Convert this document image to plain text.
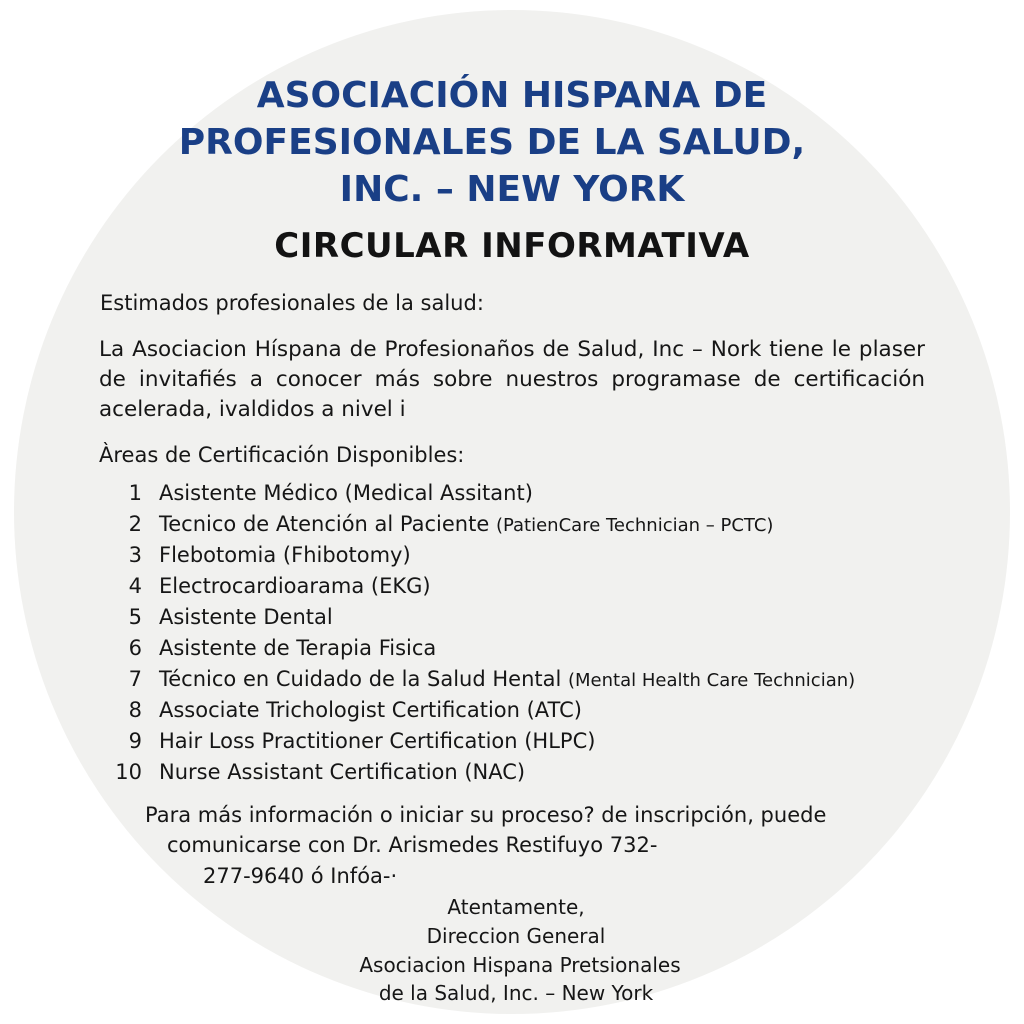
ASOCIACIÓN HISPANA DE
PROFESIONALES DE LA SALUD,
INC. – NEW YORK
CIRCULAR INFORMATIVA

Estimados profesionales de la salud:

La Asociacion Híspana de Profesionaños de Salud, Inc – Nork tiene le plaser de invitafiés a conocer más sobre nuestros programase de certificación acelerada, ivaldidos a nivel i

Àreas de Certificación Disponibles:

1 Asistente Médico (Medical Assitant)
2 Tecnico de Atención al Paciente (PatienCare Technician – PCTC)
3 Flebotomia (Fhibotomy)
4 Electrocardioarama (EKG)
5 Asistente Dental
6 Asistente de Terapia Fisica
7 Técnico en Cuidado de la Salud Hental (Mental Health Care Technician)
8 Associate Trichologist Certification (ATC)
9 Hair Loss Practitioner Certification (HLPC)
10 Nurse Assistant Certification (NAC)
Para más información o iniciar su proceso? de inscripción, puede
comunicarse con Dr. Arismedes Restifuyo 732-
277-9640 ó Infóa-·
Atentamente,
Direccion General
Asociacion Hispana Pretsionales
de la Salud, Inc. – New York
